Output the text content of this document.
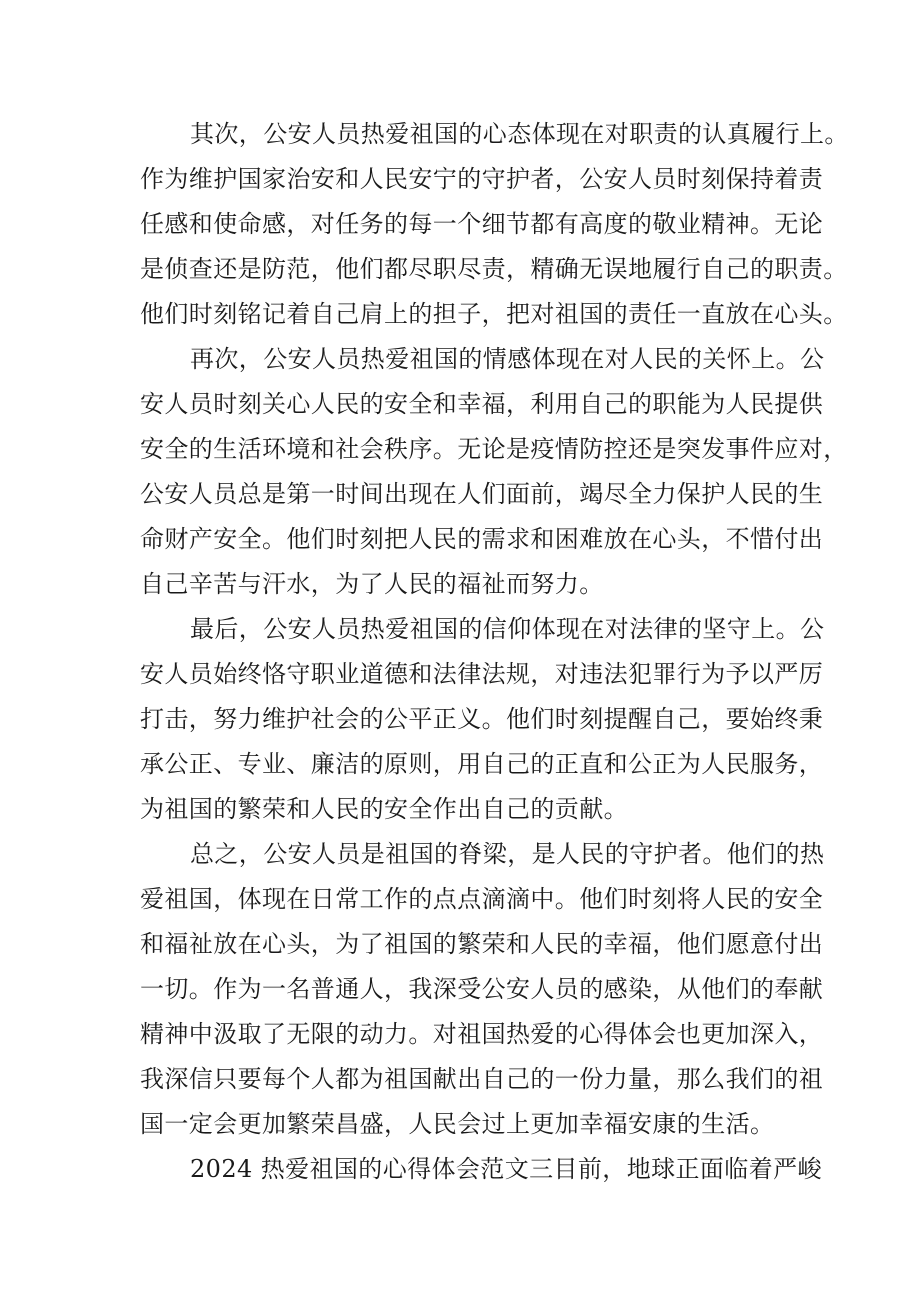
其次，公安人员热爱祖国的心态体现在对职责的认真履行上。
作为维护国家治安和人民安宁的守护者，公安人员时刻保持着责
任感和使命感，对任务的每一个细节都有高度的敬业精神。无论
是侦查还是防范，他们都尽职尽责，精确无误地履行自己的职责。
他们时刻铭记着自己肩上的担子，把对祖国的责任一直放在心头。
再次，公安人员热爱祖国的情感体现在对人民的关怀上。公
安人员时刻关心人民的安全和幸福，利用自己的职能为人民提供
安全的生活环境和社会秩序。无论是疫情防控还是突发事件应对，
公安人员总是第一时间出现在人们面前，竭尽全力保护人民的生
命财产安全。他们时刻把人民的需求和困难放在心头，不惜付出
自己辛苦与汗水，为了人民的福祉而努力。
最后，公安人员热爱祖国的信仰体现在对法律的坚守上。公
安人员始终恪守职业道德和法律法规，对违法犯罪行为予以严厉
打击，努力维护社会的公平正义。他们时刻提醒自己，要始终秉
承公正、专业、廉洁的原则，用自己的正直和公正为人民服务，
为祖国的繁荣和人民的安全作出自己的贡献。
总之，公安人员是祖国的脊梁，是人民的守护者。他们的热
爱祖国，体现在日常工作的点点滴滴中。他们时刻将人民的安全
和福祉放在心头，为了祖国的繁荣和人民的幸福，他们愿意付出
一切。作为一名普通人，我深受公安人员的感染，从他们的奉献
精神中汲取了无限的动力。对祖国热爱的心得体会也更加深入，
我深信只要每个人都为祖国献出自己的一份力量，那么我们的祖
国一定会更加繁荣昌盛，人民会过上更加幸福安康的生活。
2024 热爱祖国的心得体会范文三目前，地球正面临着严峻
